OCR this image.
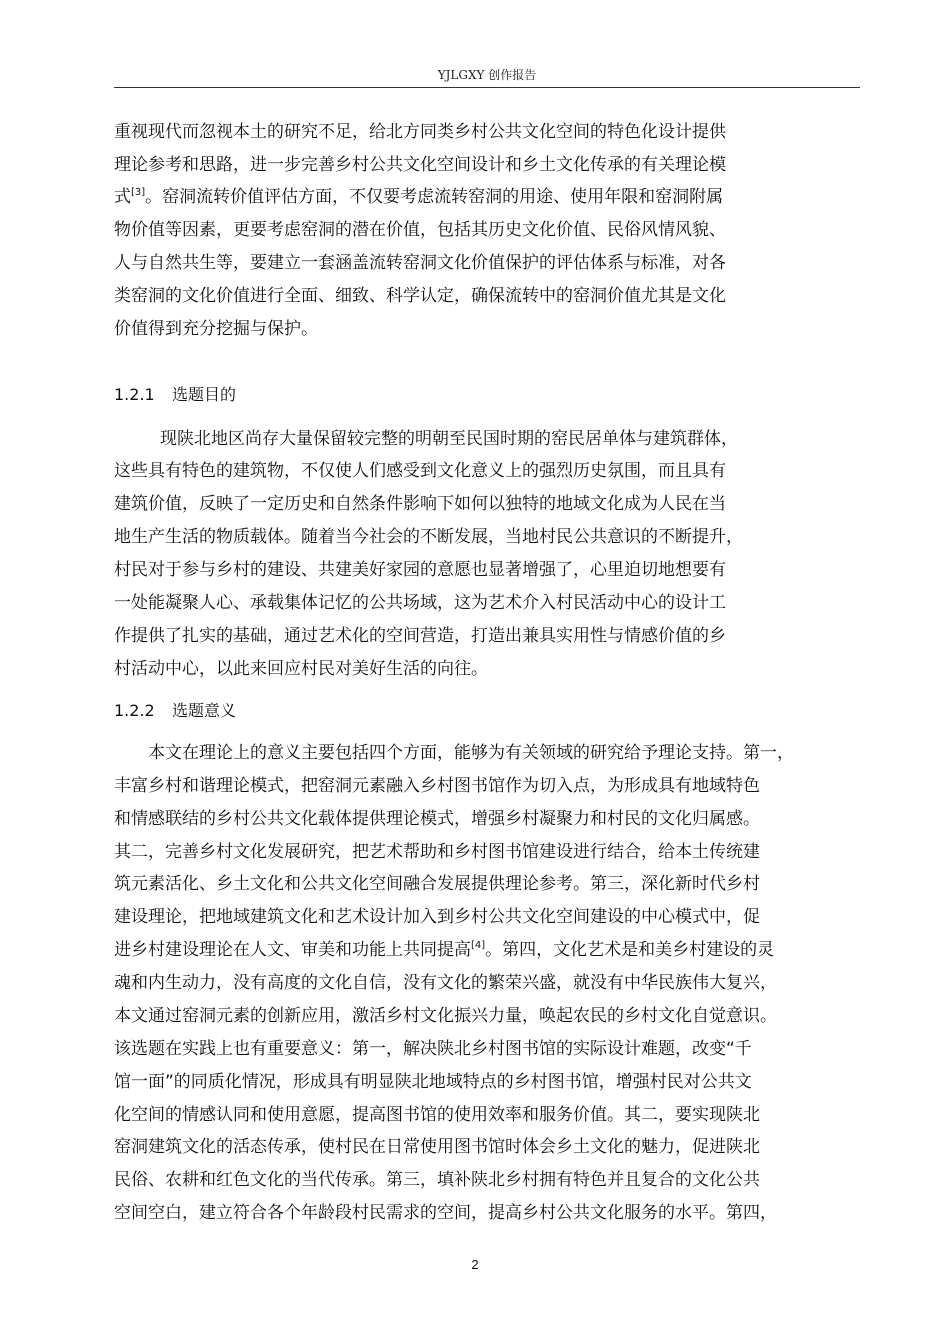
YJLGXY 创作报告
重视现代而忽视本土的研究不足，给北方同类乡村公共文化空间的特色化设计提供
理论参考和思路，进一步完善乡村公共文化空间设计和乡土文化传承的有关理论模
式[3]。窑洞流转价值评估方面，不仅要考虑流转窑洞的用途、使用年限和窑洞附属
物价值等因素，更要考虑窑洞的潜在价值，包括其历史文化价值、民俗风情风貌、
人与自然共生等，要建立一套涵盖流转窑洞文化价值保护的评估体系与标准，对各
类窑洞的文化价值进行全面、细致、科学认定，确保流转中的窑洞价值尤其是文化
价值得到充分挖掘与保护。
1.2.1 选题目的
现陕北地区尚存大量保留较完整的明朝至民国时期的窑民居单体与建筑群体，
这些具有特色的建筑物，不仅使人们感受到文化意义上的强烈历史氛围，而且具有
建筑价值，反映了一定历史和自然条件影响下如何以独特的地域文化成为人民在当
地生产生活的物质载体。随着当今社会的不断发展，当地村民公共意识的不断提升，
村民对于参与乡村的建设、共建美好家园的意愿也显著增强了，心里迫切地想要有
一处能凝聚人心、承载集体记忆的公共场域，这为艺术介入村民活动中心的设计工
作提供了扎实的基础，通过艺术化的空间营造，打造出兼具实用性与情感价值的乡
村活动中心，以此来回应村民对美好生活的向往。
1.2.2 选题意义
本文在理论上的意义主要包括四个方面，能够为有关领域的研究给予理论支持。第一，
丰富乡村和谐理论模式，把窑洞元素融入乡村图书馆作为切入点，为形成具有地域特色
和情感联结的乡村公共文化载体提供理论模式，增强乡村凝聚力和村民的文化归属感。
其二，完善乡村文化发展研究，把艺术帮助和乡村图书馆建设进行结合，给本土传统建
筑元素活化、乡土文化和公共文化空间融合发展提供理论参考。第三，深化新时代乡村
建设理论，把地域建筑文化和艺术设计加入到乡村公共文化空间建设的中心模式中，促
进乡村建设理论在人文、审美和功能上共同提高[4]。第四，文化艺术是和美乡村建设的灵
魂和内生动力，没有高度的文化自信，没有文化的繁荣兴盛，就没有中华民族伟大复兴，
本文通过窑洞元素的创新应用，激活乡村文化振兴力量，唤起农民的乡村文化自觉意识。
该选题在实践上也有重要意义：第一，解决陕北乡村图书馆的实际设计难题，改变“千
馆一面”的同质化情况，形成具有明显陕北地域特点的乡村图书馆，增强村民对公共文
化空间的情感认同和使用意愿，提高图书馆的使用效率和服务价值。其二，要实现陕北
窑洞建筑文化的活态传承，使村民在日常使用图书馆时体会乡土文化的魅力，促进陕北
民俗、农耕和红色文化的当代传承。第三，填补陕北乡村拥有特色并且复合的文化公共
空间空白，建立符合各个年龄段村民需求的空间，提高乡村公共文化服务的水平。第四，
2
